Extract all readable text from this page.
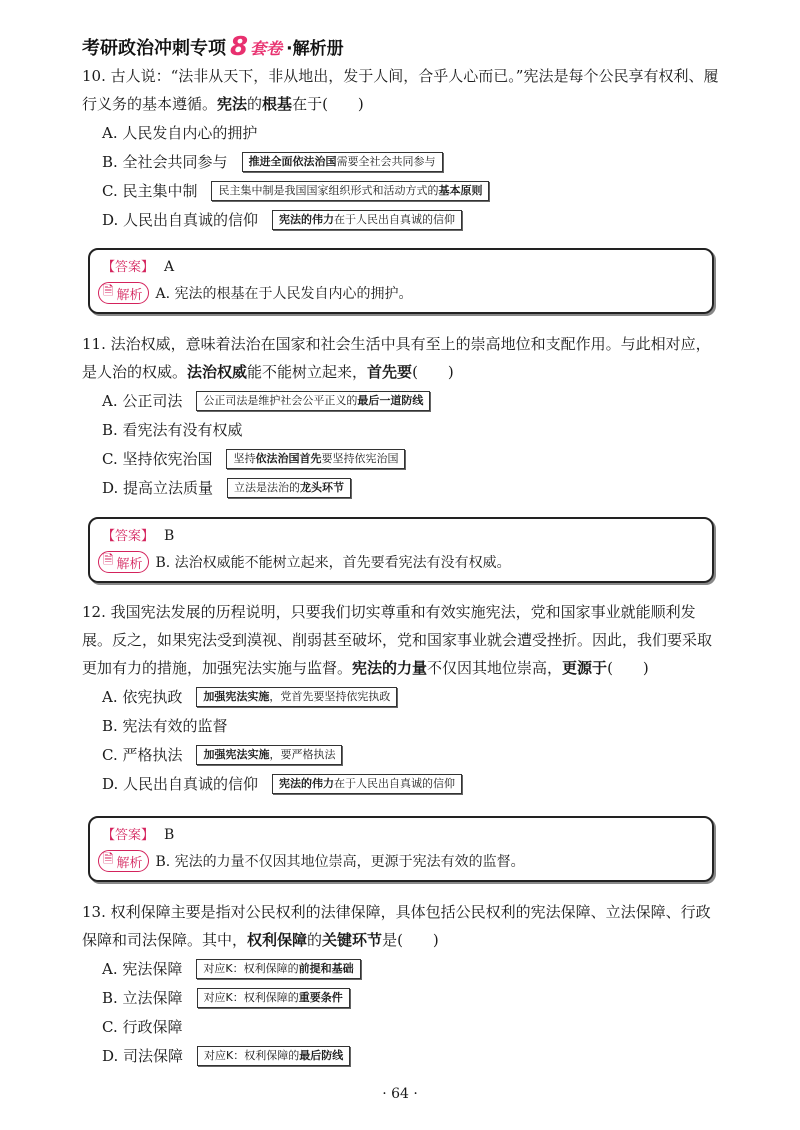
考研政治冲刺专项 8 套卷 ·解析册

10. 古人说：“法非从天下，非从地出，发于人间，合乎人心而已。”宪法是每个公民享有权利、履行义务的基本遵循。宪法的根基在于(　　)

A. 人民发自内心的拥护
B. 全社会共同参与	推进全面依法治国需要全社会共同参与
C. 民主集中制	民主集中制是我国国家组织形式和活动方式的基本原则
D. 人民出自真诚的信仰	宪法的伟力在于人民出自真诚的信仰
【答案】 A
🗎 解析 A. 宪法的根基在于人民发自内心的拥护。

11. 法治权威，意味着法治在国家和社会生活中具有至上的崇高地位和支配作用。与此相对应，是人治的权威。法治权威能不能树立起来，首先要(　　)

A. 公正司法	公正司法是维护社会公平正义的最后一道防线
B. 看宪法有没有权威
C. 坚持依宪治国	坚持依法治国首先要坚持依宪治国
D. 提高立法质量	立法是法治的龙头环节
【答案】 B
🗎 解析 B. 法治权威能不能树立起来，首先要看宪法有没有权威。

12. 我国宪法发展的历程说明，只要我们切实尊重和有效实施宪法，党和国家事业就能顺利发展。反之，如果宪法受到漠视、削弱甚至破坏，党和国家事业就会遭受挫折。因此，我们要采取更加有力的措施，加强宪法实施与监督。宪法的力量不仅因其地位崇高，更源于(　　)

A. 依宪执政	加强宪法实施，党首先要坚持依宪执政
B. 宪法有效的监督
C. 严格执法	加强宪法实施，要严格执法
D. 人民出自真诚的信仰	宪法的伟力在于人民出自真诚的信仰
【答案】 B
🗎 解析 B. 宪法的力量不仅因其地位崇高，更源于宪法有效的监督。

13. 权利保障主要是指对公民权利的法律保障，具体包括公民权利的宪法保障、立法保障、行政保障和司法保障。其中，权利保障的关键环节是(　　)

A. 宪法保障	对应K：权利保障的前提和基础
B. 立法保障	对应K：权利保障的重要条件
C. 行政保障
D. 司法保障	对应K：权利保障的最后防线
· 64 ·
